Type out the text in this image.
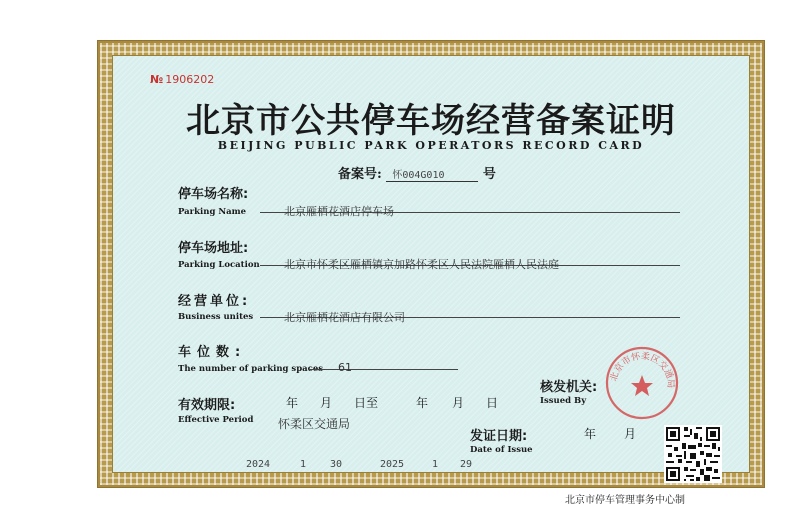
№ 1906202
北京市公共停车场经营备案证明
BEIJING PUBLIC PARK OPERATORS RECORD CARD
备案号: 怀004G010	号
停车场名称:
Parking Name	北京雁栖花酒店停车场
停车场地址:
Parking Location 北京市怀柔区雁栖镇京加路怀柔区人民法院雁栖人民法庭
经营单位:
Business unites	北京雁栖花酒店有限公司
车位数:
The number of parking spaces 61
有效期限:
Effective Period
年 月 日至	年 月 日
核发机关:
Issued By
怀柔区交通局
发证日期:
Date of Issue
年 月
2024	1 30	2025	1 29
北京市怀柔区交通局
北京市停车管理事务中心制
